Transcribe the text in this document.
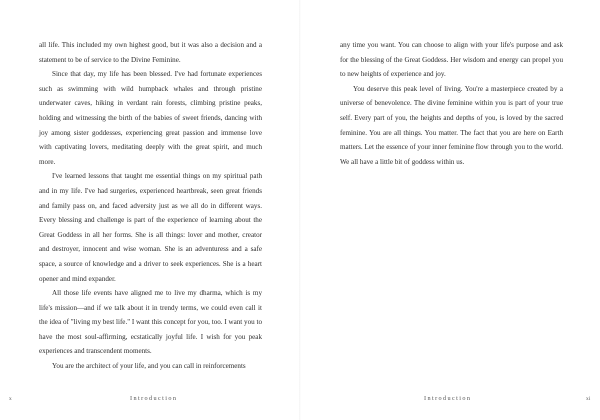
all life. This included my own highest good, but it was also a decision and a statement to be of service to the Divine Feminine.

Since that day, my life has been blessed. I've had fortunate experiences such as swimming with wild humpback whales and through pristine underwater caves, hiking in verdant rain forests, climbing pristine peaks, holding and witnessing the birth of the babies of sweet friends, dancing with joy among sister goddesses, experiencing great passion and immense love with captivating lovers, meditating deeply with the great spirit, and much more.

I've learned lessons that taught me essential things on my spiritual path and in my life. I've had surgeries, experienced heartbreak, seen great friends and family pass on, and faced adversity just as we all do in different ways. Every blessing and challenge is part of the experience of learning about the Great Goddess in all her forms. She is all things: lover and mother, creator and destroyer, innocent and wise woman. She is an adventuress and a safe space, a source of knowledge and a driver to seek experiences. She is a heart opener and mind expander.

All those life events have aligned me to live my dharma, which is my life's mission—and if we talk about it in trendy terms, we could even call it the idea of "living my best life." I want this concept for you, too. I want you to have the most soul-affirming, ecstatically joyful life. I wish for you peak experiences and transcendent moments.

You are the architect of your life, and you can call in reinforcements

x	Introduction

any time you want. You can choose to align with your life's purpose and ask for the blessing of the Great Goddess. Her wisdom and energy can propel you to new heights of experience and joy.

You deserve this peak level of living. You're a masterpiece created by a universe of benevolence. The divine feminine within you is part of your true self. Every part of you, the heights and depths of you, is loved by the sacred feminine. You are all things. You matter. The fact that you are here on Earth matters. Let the essence of your inner feminine flow through you to the world. We all have a little bit of goddess within us.

Introduction	xi
